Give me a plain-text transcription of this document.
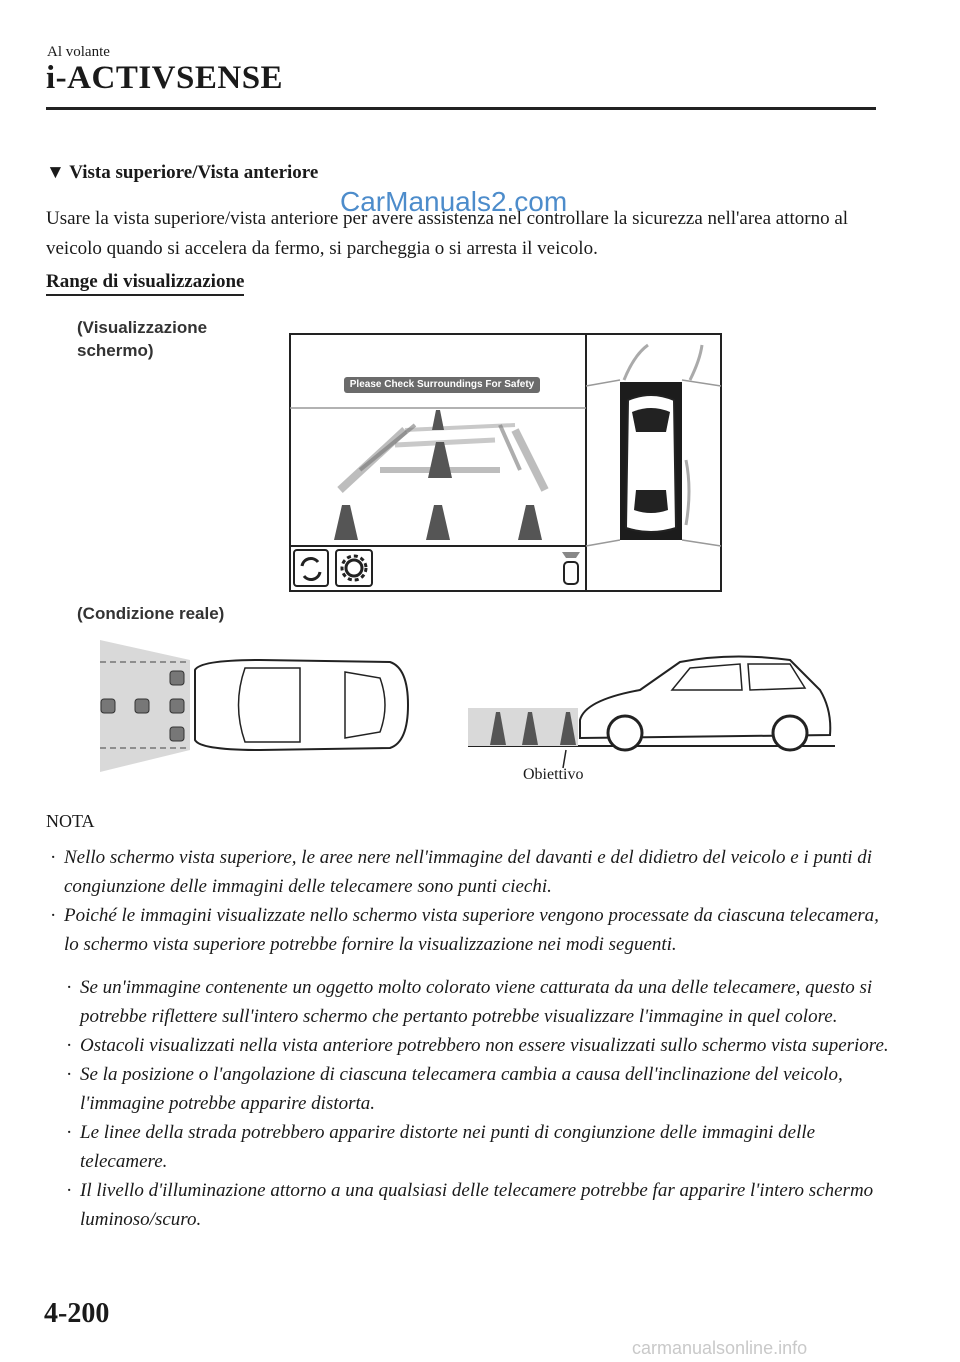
Al volante
i-ACTIVSENSE
▼ Vista superiore/Vista anteriore
Usare la vista superiore/vista anteriore per avere assistenza nel controllare la sicurezza nell'area attorno al veicolo quando si accelera da fermo, si parcheggia o si arresta il veicolo.
CarManuals2.com
Range di visualizzazione
(Visualizzazione
schermo)
Please Check Surroundings For Safety
(Condizione reale)
Obiettivo
NOTA
· Nello schermo vista superiore, le aree nere nell'immagine del davanti e del didietro del veicolo e i punti di congiunzione delle immagini delle telecamere sono punti ciechi.
· Poiché le immagini visualizzate nello schermo vista superiore vengono processate da ciascuna telecamera, lo schermo vista superiore potrebbe fornire la visualizzazione nei modi seguenti.
· Se un'immagine contenente un oggetto molto colorato viene catturata da una delle telecamere, questo si potrebbe riflettere sull'intero schermo che pertanto potrebbe visualizzare l'immagine in quel colore.
· Ostacoli visualizzati nella vista anteriore potrebbero non essere visualizzati sullo schermo vista superiore.
· Se la posizione o l'angolazione di ciascuna telecamera cambia a causa dell'inclinazione del veicolo, l'immagine potrebbe apparire distorta.
· Le linee della strada potrebbero apparire distorte nei punti di congiunzione delle immagini delle telecamere.
· Il livello d'illuminazione attorno a una qualsiasi delle telecamere potrebbe far apparire l'intero schermo luminoso/scuro.
4-200
carmanualsonline.info
